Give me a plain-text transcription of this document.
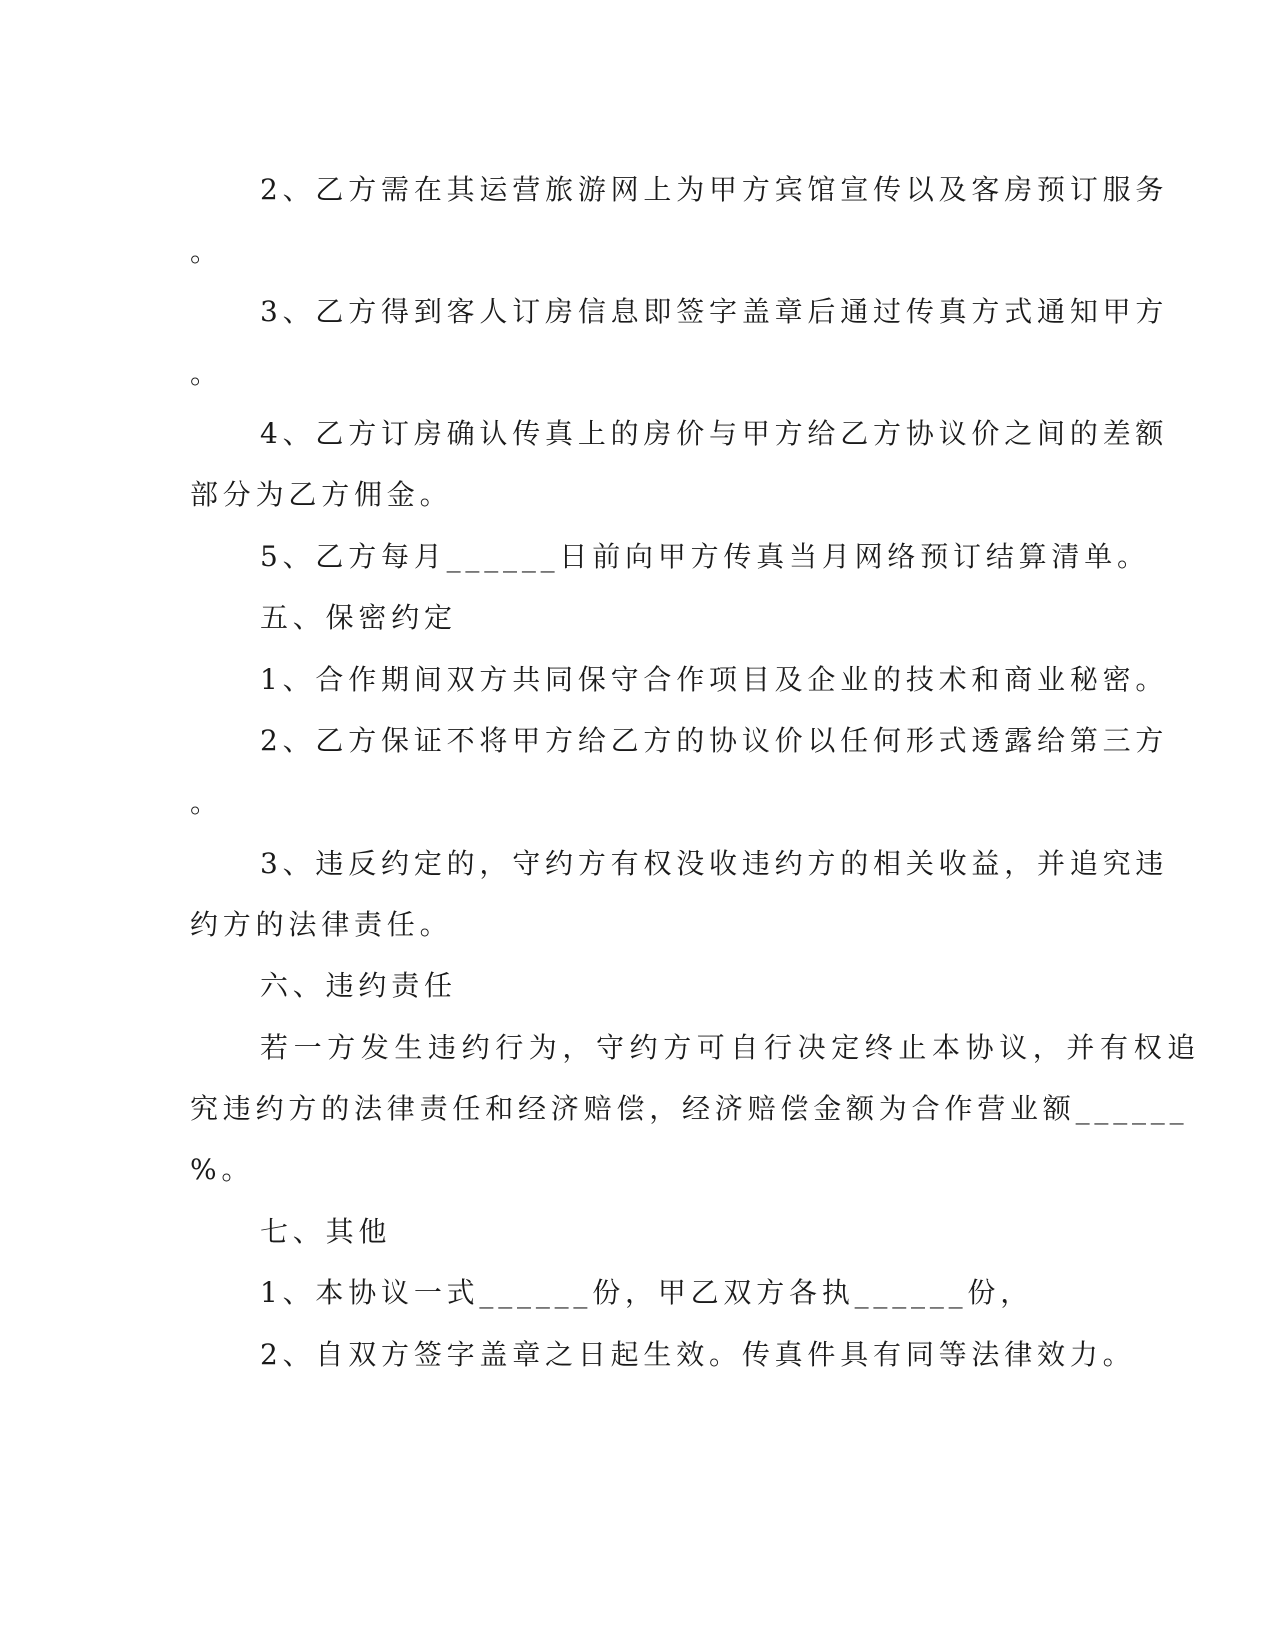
2、乙方需在其运营旅游网上为甲方宾馆宣传以及客房预订服务
。
3、乙方得到客人订房信息即签字盖章后通过传真方式通知甲方
。
4、乙方订房确认传真上的房价与甲方给乙方协议价之间的差额
部分为乙方佣金。
5、乙方每月______日前向甲方传真当月网络预订结算清单。
五、保密约定
1、合作期间双方共同保守合作项目及企业的技术和商业秘密。
2、乙方保证不将甲方给乙方的协议价以任何形式透露给第三方
。
3、违反约定的，守约方有权没收违约方的相关收益，并追究违
约方的法律责任。
六、违约责任
若一方发生违约行为，守约方可自行决定终止本协议，并有权追
究违约方的法律责任和经济赔偿，经济赔偿金额为合作营业额______
%。
七、其他
1、本协议一式______份，甲乙双方各执______份，
2、自双方签字盖章之日起生效。传真件具有同等法律效力。
